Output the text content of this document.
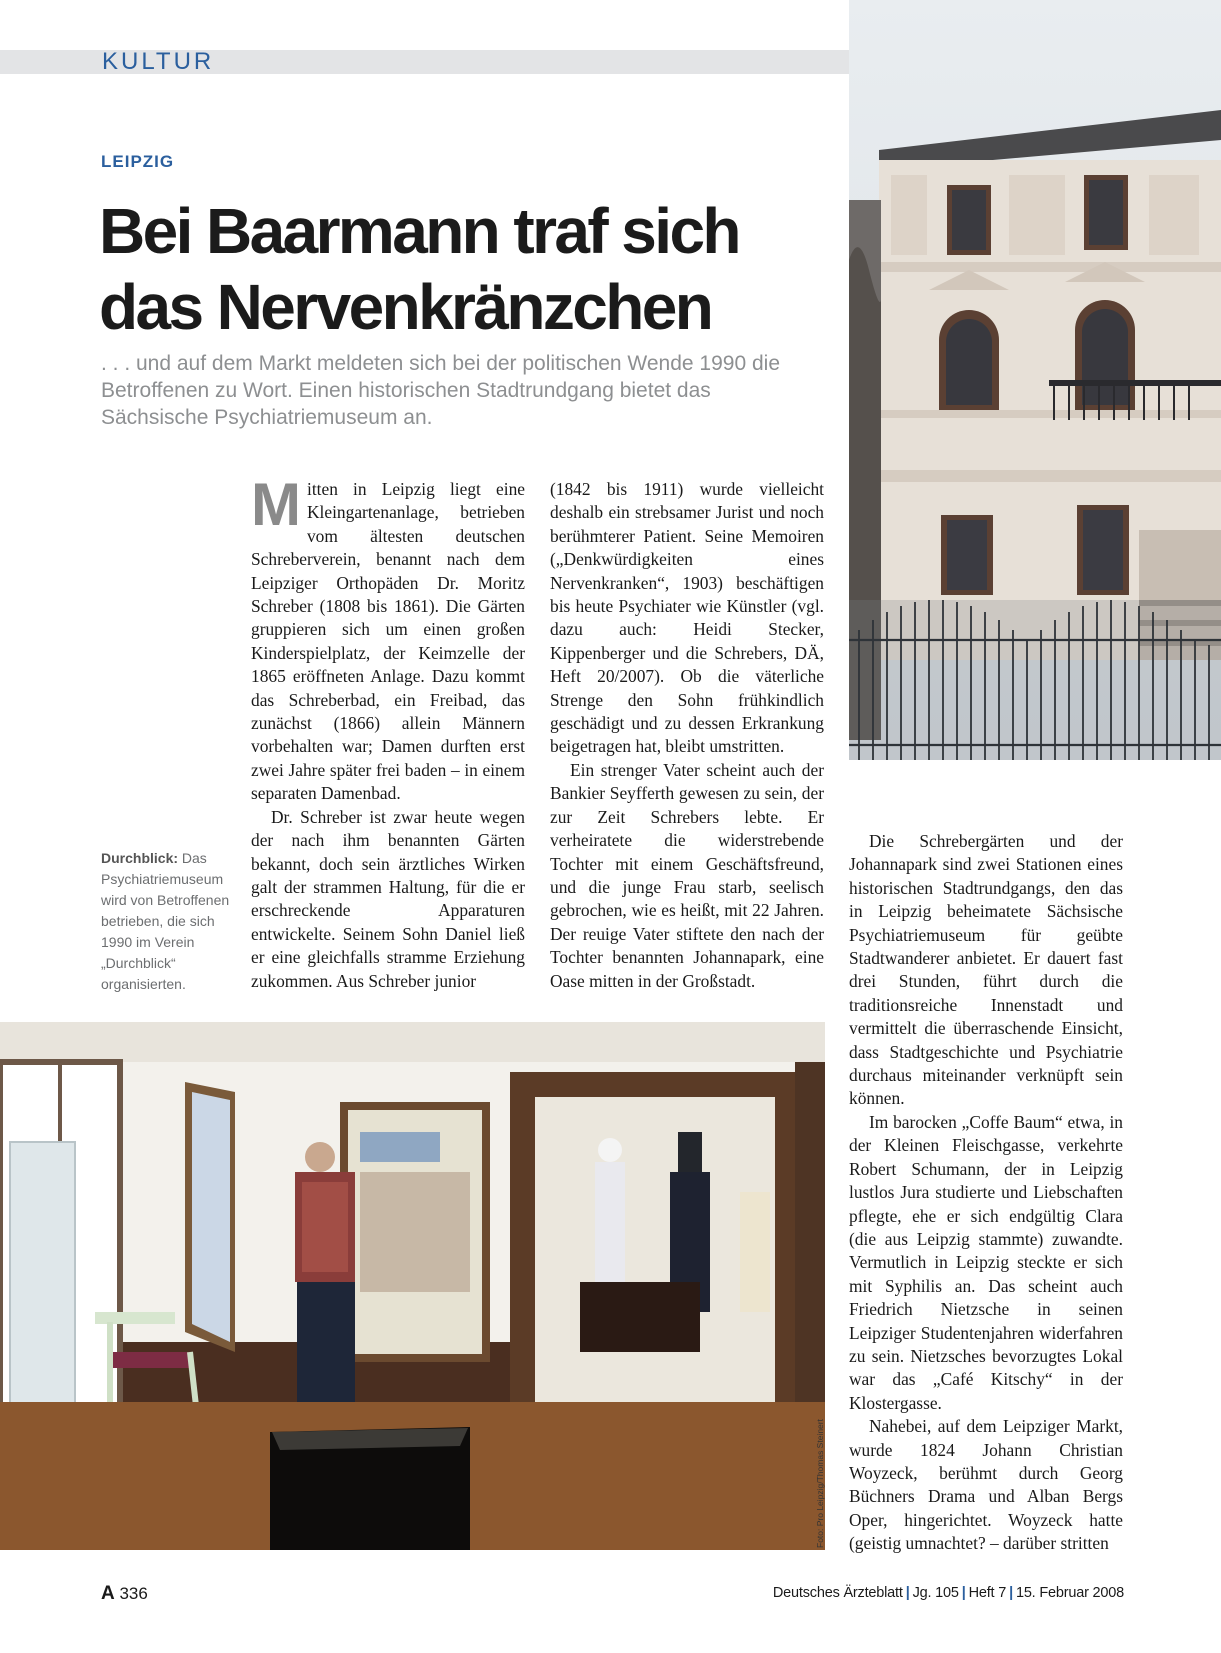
KULTUR
LEIPZIG
Bei Baarmann traf sich
das Nervenkränzchen

. . . und auf dem Markt meldeten sich bei der politischen Wende 1990 die Betroffenen zu Wort. Einen historischen Stadtrundgang bietet das Sächsische Psychiatriemuseum an.

Durchblick: Das Psychiatriemuseum wird von Betroffenen betrieben, die sich 1990 im Verein „Durchblick“ organisierten.

Mitten in Leipzig liegt eine Kleingartenanlage, betrieben vom ältesten deutschen Schreberverein, benannt nach dem Leipziger Orthopäden Dr. Moritz Schreber (1808 bis 1861). Die Gärten gruppieren sich um einen großen Kinderspielplatz, der Keimzelle der 1865 eröffneten Anlage. Dazu kommt das Schreberbad, ein Freibad, das zunächst (1866) allein Männern vorbehalten war; Damen durften erst zwei Jahre später frei baden – in einem separaten Damenbad.

Dr. Schreber ist zwar heute wegen der nach ihm benannten Gärten bekannt, doch sein ärztliches Wirken galt der strammen Haltung, für die er erschreckende Apparaturen entwickelte. Seinem Sohn Daniel ließ er eine gleichfalls stramme Erziehung zukommen. Aus Schreber junior

(1842 bis 1911) wurde vielleicht deshalb ein strebsamer Jurist und noch berühmterer Patient. Seine Memoiren („Denkwürdigkeiten eines Nervenkranken“, 1903) beschäftigen bis heute Psychiater wie Künstler (vgl. dazu auch: Heidi Stecker, Kippenberger und die Schrebers, DÄ, Heft 20/2007). Ob die väterliche Strenge den Sohn frühkindlich geschädigt und zu dessen Erkrankung beigetragen hat, bleibt umstritten.

Ein strenger Vater scheint auch der Bankier Seyfferth gewesen zu sein, der zur Zeit Schrebers lebte. Er verheiratete die widerstrebende Tochter mit einem Geschäftsfreund, und die junge Frau starb, seelisch gebrochen, wie es heißt, mit 22 Jahren. Der reuige Vater stiftete den nach der Tochter benannten Johannapark, eine Oase mitten in der Großstadt.

Die Schrebergärten und der Johannapark sind zwei Stationen eines historischen Stadtrundgangs, den das in Leipzig beheimatete Sächsische Psychiatriemuseum für geübte Stadtwanderer anbietet. Er dauert fast drei Stunden, führt durch die traditionsreiche Innenstadt und vermittelt die überraschende Einsicht, dass Stadtgeschichte und Psychiatrie durchaus miteinander verknüpft sein können.

Im barocken „Coffe Baum“ etwa, in der Kleinen Fleischgasse, verkehrte Robert Schumann, der in Leipzig lustlos Jura studierte und Liebschaften pflegte, ehe er sich endgültig Clara (die aus Leipzig stammte) zuwandte. Vermutlich in Leipzig steckte er sich mit Syphilis an. Das scheint auch Friedrich Nietzsche in seinen Leipziger Studentenjahren widerfahren zu sein. Nietzsches bevorzugtes Lokal war das „Café Kitschy“ in der Klostergasse.

Nahebei, auf dem Leipziger Markt, wurde 1824 Johann Christian Woyzeck, berühmt durch Georg Büchners Drama und Alban Bergs Oper, hingerichtet. Woyzeck hatte (geistig umnachtet? – darüber stritten

Foto: Pro Leipzig/Thomas Steinert
A 336	Deutsches Ärzteblatt | Jg. 105 | Heft 7 | 15. Februar 2008
